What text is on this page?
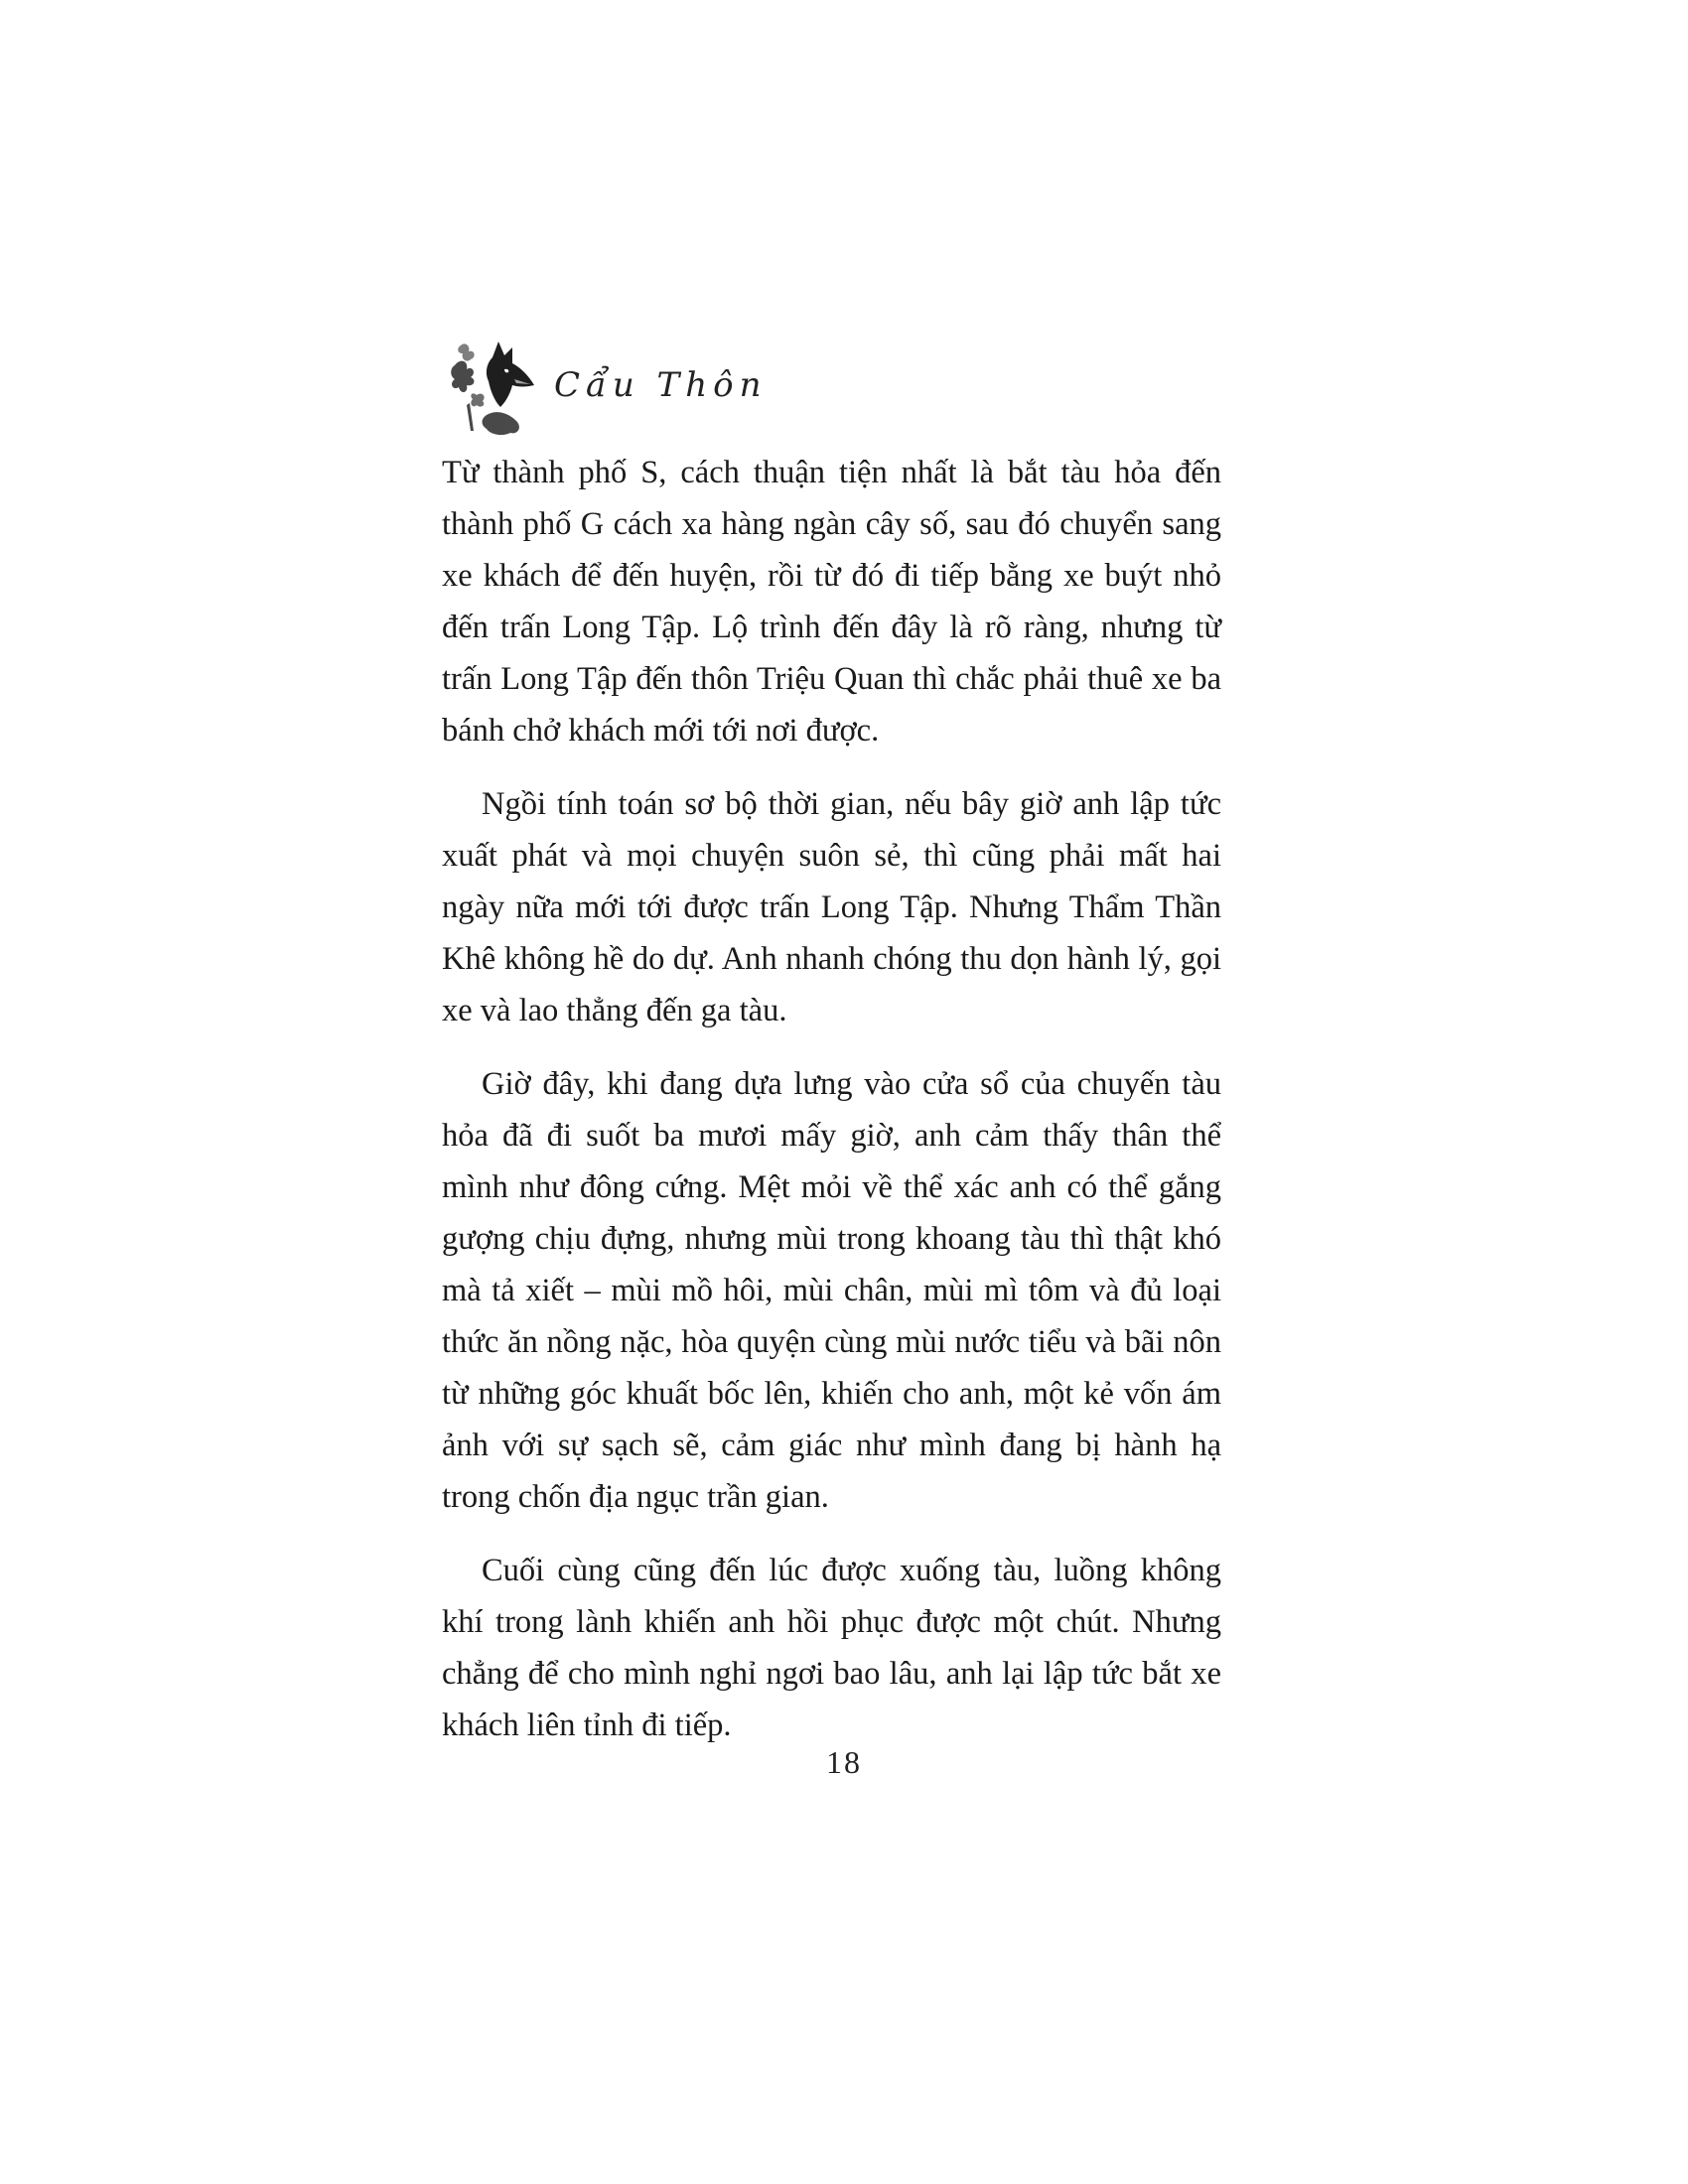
Cẩu Thôn

Từ thành phố S, cách thuận tiện nhất là bắt tàu hỏa đến thành phố G cách xa hàng ngàn cây số, sau đó chuyển sang xe khách để đến huyện, rồi từ đó đi tiếp bằng xe buýt nhỏ đến trấn Long Tập. Lộ trình đến đây là rõ ràng, nhưng từ trấn Long Tập đến thôn Triệu Quan thì chắc phải thuê xe ba bánh chở khách mới tới nơi được.

Ngồi tính toán sơ bộ thời gian, nếu bây giờ anh lập tức xuất phát và mọi chuyện suôn sẻ, thì cũng phải mất hai ngày nữa mới tới được trấn Long Tập. Nhưng Thẩm Thần Khê không hề do dự. Anh nhanh chóng thu dọn hành lý, gọi xe và lao thẳng đến ga tàu.

Giờ đây, khi đang dựa lưng vào cửa sổ của chuyến tàu hỏa đã đi suốt ba mươi mấy giờ, anh cảm thấy thân thể mình như đông cứng. Mệt mỏi về thể xác anh có thể gắng gượng chịu đựng, nhưng mùi trong khoang tàu thì thật khó mà tả xiết – mùi mồ hôi, mùi chân, mùi mì tôm và đủ loại thức ăn nồng nặc, hòa quyện cùng mùi nước tiểu và bãi nôn từ những góc khuất bốc lên, khiến cho anh, một kẻ vốn ám ảnh với sự sạch sẽ, cảm giác như mình đang bị hành hạ trong chốn địa ngục trần gian.

Cuối cùng cũng đến lúc được xuống tàu, luồng không khí trong lành khiến anh hồi phục được một chút. Nhưng chẳng để cho mình nghỉ ngơi bao lâu, anh lại lập tức bắt xe khách liên tỉnh đi tiếp.

18
